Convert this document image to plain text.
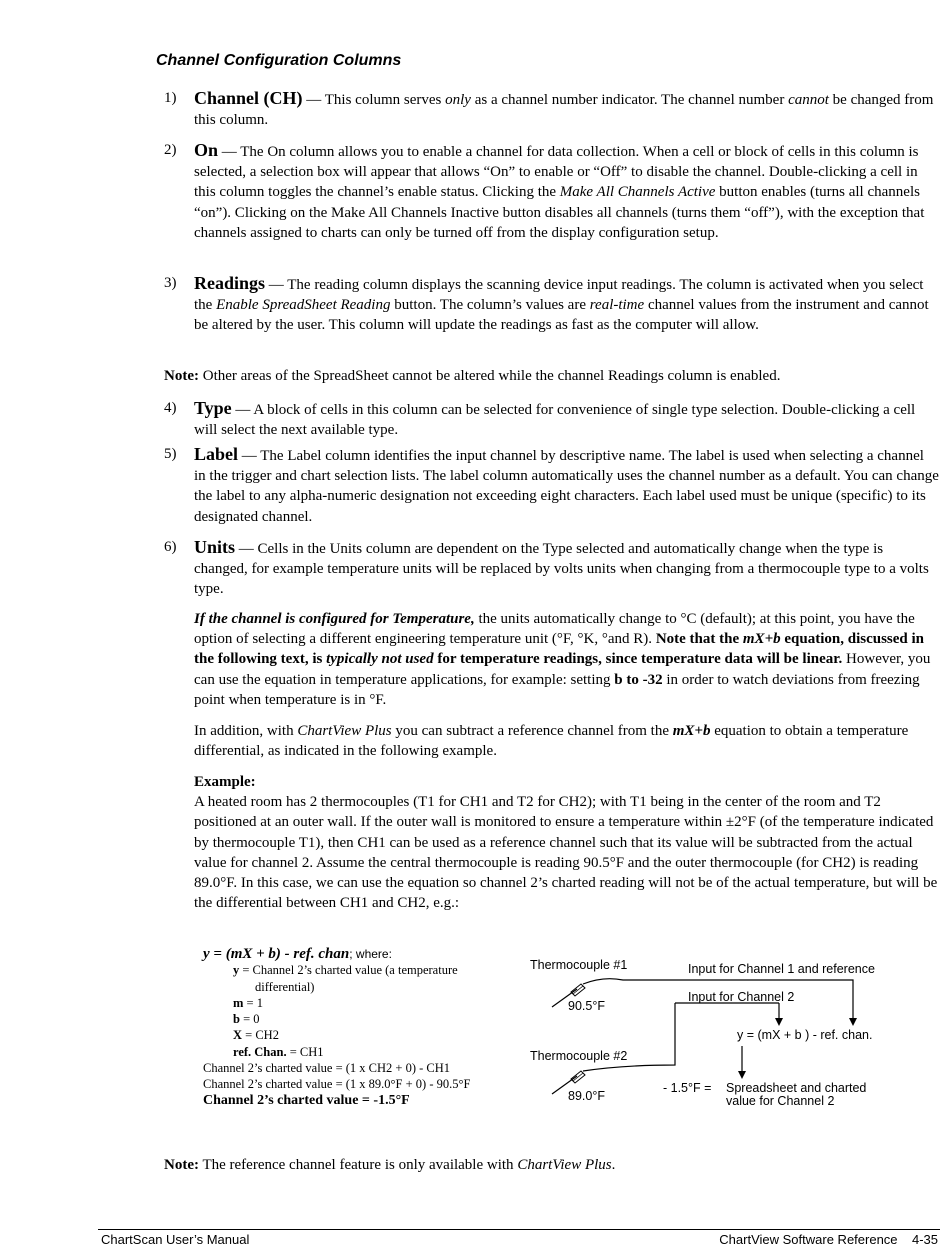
Channel Configuration Columns
1) Channel (CH) — This column serves only as a channel number indicator. The channel number cannot be changed from this column.
2) On — The On column allows you to enable a channel for data collection. When a cell or block of cells in this column is selected, a selection box will appear that allows “On” to enable or “Off” to disable the channel. Double-clicking a cell in this column toggles the channel’s enable status. Clicking the Make All Channels Active button enables (turns all channels “on”). Clicking on the Make All Channels Inactive button disables all channels (turns them “off”), with the exception that channels assigned to charts can only be turned off from the display configuration setup.
3) Readings — The reading column displays the scanning device input readings. The column is activated when you select the Enable SpreadSheet Reading button. The column’s values are real-time channel values from the instrument and cannot be altered by the user. This column will update the readings as fast as the computer will allow.
Note: Other areas of the SpreadSheet cannot be altered while the channel Readings column is enabled.
4) Type — A block of cells in this column can be selected for convenience of single type selection. Double-clicking a cell will select the next available type.
5) Label — The Label column identifies the input channel by descriptive name. The label is used when selecting a channel in the trigger and chart selection lists. The label column automatically uses the channel number as a default. You can change the label to any alpha-numeric designation not exceeding eight characters. Each label used must be unique (specific) to its designated channel.
6) Units — Cells in the Units column are dependent on the Type selected and automatically change when the type is changed, for example temperature units will be replaced by volts units when changing from a thermocouple type to a volts type.
If the channel is configured for Temperature, the units automatically change to °C (default); at this point, you have the option of selecting a different engineering temperature unit (°F, °K, °and R). Note that the mX+b equation, discussed in the following text, is typically not used for temperature readings, since temperature data will be linear. However, you can use the equation in temperature applications, for example: setting b to -32 in order to watch deviations from freezing point when temperature is in °F.
In addition, with ChartView Plus you can subtract a reference channel from the mX+b equation to obtain a temperature differential, as indicated in the following example.
Example:
A heated room has 2 thermocouples (T1 for CH1 and T2 for CH2); with T1 being in the center of the room and T2 positioned at an outer wall. If the outer wall is monitored to ensure a temperature within ±2°F (of the temperature indicated by thermocouple T1), then CH1 can be used as a reference channel such that its value will be subtracted from the actual value for channel 2. Assume the central thermocouple is reading 90.5°F and the outer thermocouple (for CH2) is reading 89.0°F. In this case, we can use the equation so channel 2’s charted reading will not be of the actual temperature, but will be the differential between CH1 and CH2, e.g.:
y = (mX + b) - ref. chan; where:
y = Channel 2’s charted value (a temperature
differential)
m = 1
b = 0
X = CH2
ref. Chan. = CH1
Channel 2’s charted value = (1 x CH2 + 0) - CH1
Channel 2’s charted value = (1 x 89.0°F + 0) - 90.5°F
Channel 2’s charted value = -1.5°F
Thermocouple #1	Input for Channel 1 and reference
90.5°F
Input for Channel 2
y = (mX + b ) - ref. chan.
Thermocouple #2
89.0°F
- 1.5°F = Spreadsheet and charted
value for Channel 2
Note: The reference channel feature is only available with ChartView Plus.
ChartScan User’s Manual	ChartView Software Reference    4-35
